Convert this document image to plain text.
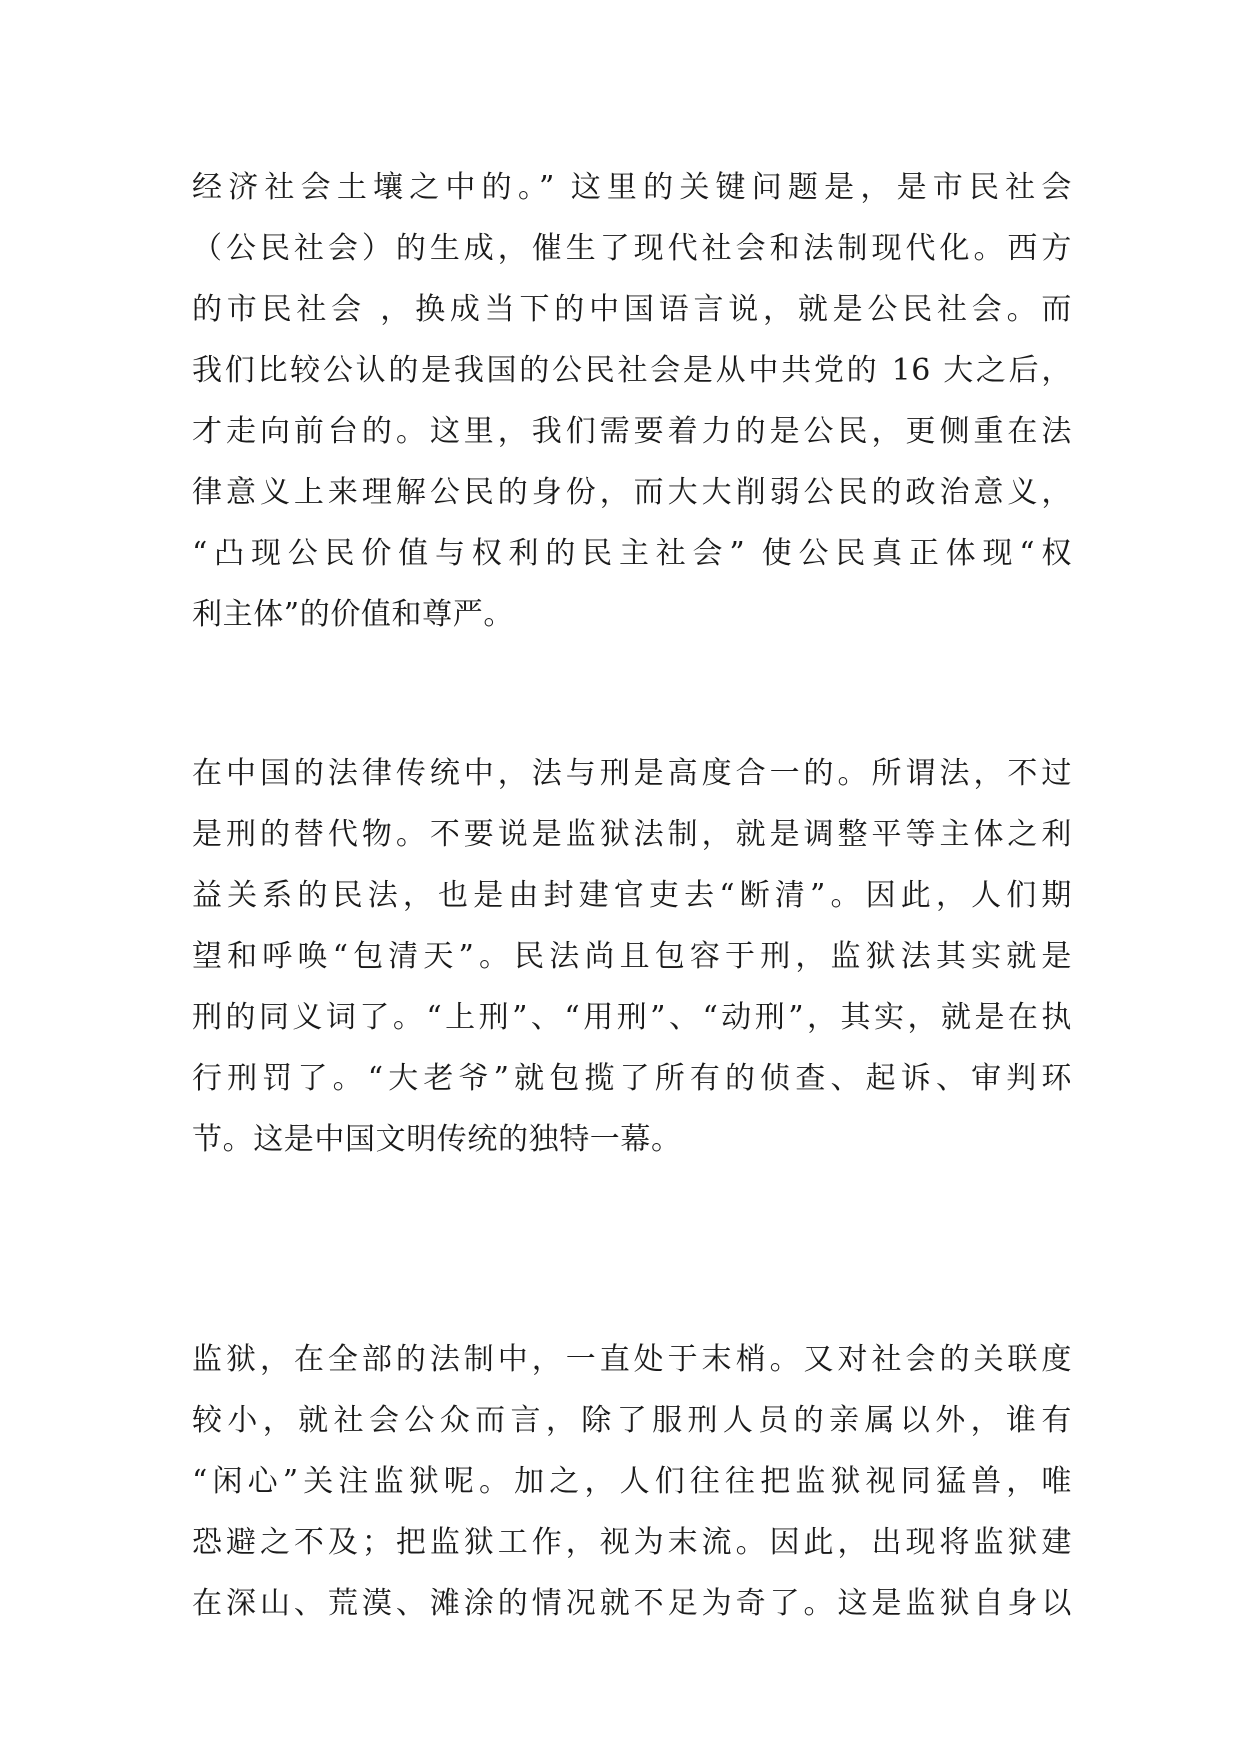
经济社会土壤之中的。” 这里的关键问题是，是市民社会
（公民社会）的生成，催生了现代社会和法制现代化。西方
的市民社会 ，换成当下的中国语言说，就是公民社会。而
我们比较公认的是我国的公民社会是从中共党的 16 大之后，
才走向前台的。这里，我们需要着力的是公民，更侧重在法
律意义上来理解公民的身份，而大大削弱公民的政治意义，
“凸现公民价值与权利的民主社会” 使公民真正体现“权
利主体”的价值和尊严。
在中国的法律传统中，法与刑是高度合一的。所谓法，不过
是刑的替代物。不要说是监狱法制，就是调整平等主体之利
益关系的民法，也是由封建官吏去“断清”。因此，人们期
望和呼唤“包清天”。民法尚且包容于刑，监狱法其实就是
刑的同义词了。“上刑”、“用刑”、“动刑”，其实，就是在执
行刑罚了。“大老爷”就包揽了所有的侦查、起诉、审判环
节。这是中国文明传统的独特一幕。
监狱，在全部的法制中，一直处于末梢。又对社会的关联度
较小，就社会公众而言，除了服刑人员的亲属以外，谁有
“闲心”关注监狱呢。加之，人们往往把监狱视同猛兽，唯
恐避之不及；把监狱工作，视为末流。因此，出现将监狱建
在深山、荒漠、滩涂的情况就不足为奇了。这是监狱自身以
